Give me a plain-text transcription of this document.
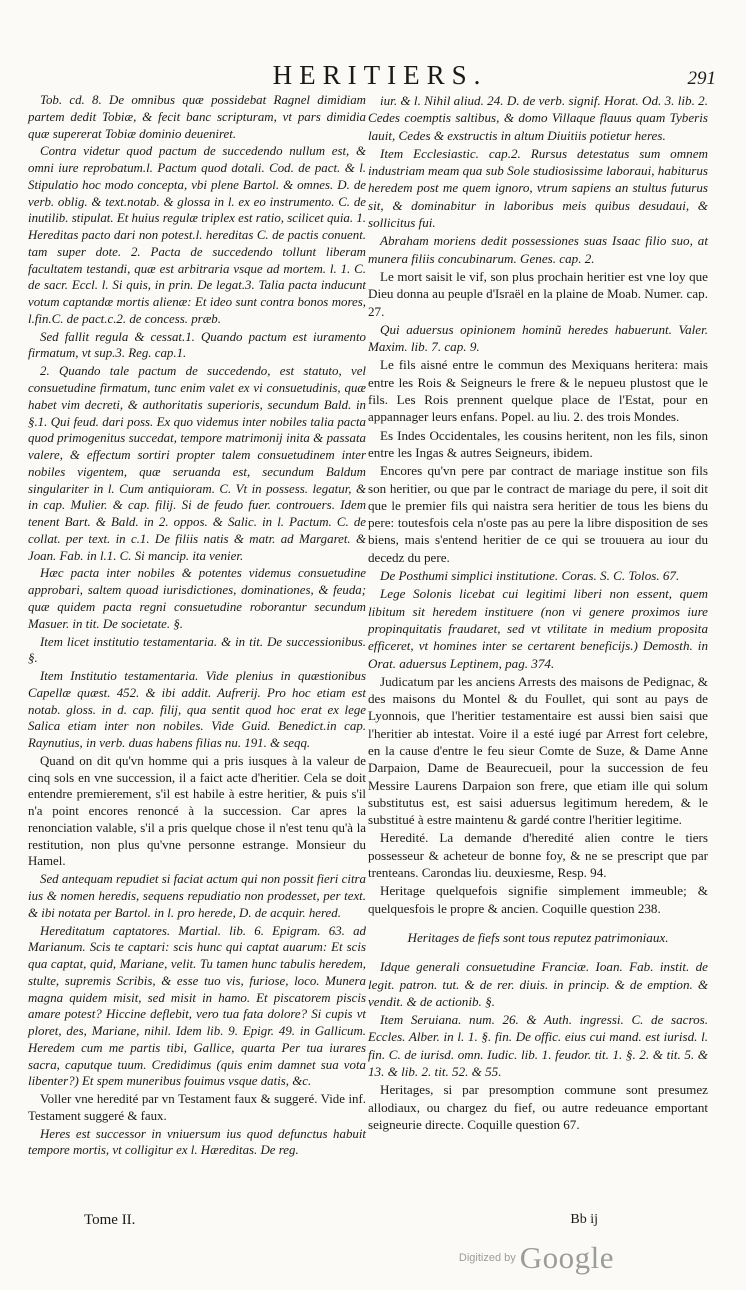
HERITIERS.	291

Tob. cd. 8. De omnibus quæ possidebat Ragnel dimidiam partem dedit Tobiæ, & fecit banc scripturam, vt pars dimidia quæ supererat Tobiæ dominio deueniret.

Contra videtur quod pactum de succedendo nullum est, & omni iure reprobatum.l. Pactum quod dotali. Cod. de pact. & l. Stipulatio hoc modo concepta, vbi plene Bartol. & omnes. D. de verb. oblig. & text.notab. & glossa in l. ex eo instrumento. C. de inutilib. stipulat. Et huius regulæ triplex est ratio, scilicet quia. 1. Hereditas pacto dari non potest.l. hereditas C. de pactis conuent. tam super dote. 2. Pacta de succedendo tollunt liberam facultatem testandi, quæ est arbitraria vsque ad mortem. l. 1. C. de sacr. Eccl. l. Si quis, in prin. De legat.3. Talia pacta inducunt votum captandæ mortis alienæ: Et ideo sunt contra bonos mores, l.fin.C. de pact.c.2. de concess. præb.

Sed fallit regula & cessat.1. Quando pactum est iuramento firmatum, vt sup.3. Reg. cap.1.

2. Quando tale pactum de succedendo, est statuto, vel consuetudine firmatum, tunc enim valet ex vi consuetudinis, quæ habet vim decreti, & authoritatis superioris, secundum Bald. in §.1. Qui feud. dari poss. Ex quo videmus inter nobiles talia pacta quod primogenitus succedat, tempore matrimonij inita & passata valere, & effectum sortiri propter talem consuetudinem inter nobiles vigentem, quæ seruanda est, secundum Baldum singulariter in l. Cum antiquioram. C. Vt in possess. legatur, & in cap. Mulier. & cap. filij. Si de feudo fuer. controuers. Idem tenent Bart. & Bald. in 2. oppos. & Salic. in l. Pactum. C. de collat. per text. in c.1. De filiis natis & matr. ad Margaret. & Joan. Fab. in l.1. C. Si mancip. ita venier.

Hæc pacta inter nobiles & potentes videmus consuetudine approbari, saltem quoad iurisdictiones, dominationes, & feuda; quæ quidem pacta regni consuetudine roborantur secundum Masuer. in tit. De societate. §.

Item licet institutio testamentaria. & in tit. De successionibus. §.

Item Institutio testamentaria. Vide plenius in quæstionibus Capellæ quæst. 452. & ibi addit. Aufrerij. Pro hoc etiam est notab. gloss. in d. cap. filij, qua sentit quod hoc erat ex lege Salica etiam inter non nobiles. Vide Guid. Benedict.in cap. Raynutius, in verb. duas habens filias nu. 191. & seqq.

Quand on dit qu'vn homme qui a pris iusques à la valeur de cinq sols en vne succession, il a faict acte d'heritier. Cela se doit entendre premierement, s'il est habile à estre heritier, & puis s'il n'a point encores renoncé à la succession. Car apres la renonciation valable, s'il a pris quelque chose il n'est tenu qu'à la restitution, non plus qu'vne personne estrange. Monsieur du Hamel.

Sed antequam repudiet si faciat actum qui non possit fieri citra ius & nomen heredis, sequens repudiatio non prodesset, per text. & ibi notata per Bartol. in l. pro herede, D. de acquir. hered.

Hereditatum captatores. Martial. lib. 6. Epigram. 63. ad Marianum. Scis te captari: scis hunc qui captat auarum: Et scis qua captat, quid, Mariane, velit. Tu tamen hunc tabulis heredem, stulte, supremis Scribis, & esse tuo vis, furiose, loco. Munera magna quidem misit, sed misit in hamo. Et piscatorem piscis amare potest? Hiccine deflebit, vero tua fata dolore? Si cupis vt ploret, des, Mariane, nihil. Idem lib. 9. Epigr. 49. in Gallicum. Heredem cum me partis tibi, Gallice, quarta Per tua iurares sacra, caputque tuum. Credidimus (quis enim damnet sua vota libenter?) Et spem muneribus fouimus vsque datis, &c.

Voller vne heredité par vn Testament faux & suggeré. Vide inf. Testament suggeré & faux.

Heres est successor in vniuersum ius quod defunctus habuit tempore mortis, vt colligitur ex l. Hæreditas. De reg.

iur. & l. Nihil aliud. 24. D. de verb. signif. Horat. Od. 3. lib. 2. Cedes coemptis saltibus, & domo Villaque flauus quam Tyberis lauit, Cedes & exstructis in altum Diuitiis potietur heres.

Item Ecclesiastic. cap.2. Rursus detestatus sum omnem industriam meam qua sub Sole studiosissime laboraui, habiturus heredem post me quem ignoro, vtrum sapiens an stultus futurus sit, & dominabitur in laboribus meis quibus desudaui, & sollicitus fui.

Abraham moriens dedit possessiones suas Isaac filio suo, at munera filiis concubinarum. Genes. cap. 2.

Le mort saisit le vif, son plus prochain heritier est vne loy que Dieu donna au peuple d'Israël en la plaine de Moab. Numer. cap. 27.

Qui aduersus opinionem hominũ heredes habuerunt. Valer. Maxim. lib. 7. cap. 9.

Le fils aisné entre le commun des Mexiquans heritera: mais entre les Rois & Seigneurs le frere & le nepueu plustost que le fils. Les Rois prennent quelque place de l'Estat, pour en appannager leurs enfans. Popel. au liu. 2. des trois Mondes.

Es Indes Occidentales, les cousins heritent, non les fils, sinon entre les Ingas & autres Seigneurs, ibidem.

Encores qu'vn pere par contract de mariage institue son fils son heritier, ou que par le contract de mariage du pere, il soit dit que le premier fils qui naistra sera heritier de tous les biens du pere: toutesfois cela n'oste pas au pere la libre disposition de ses biens, mais s'entend heritier de ce qui se trouuera au iour du decedz du pere.

De Posthumi simplici institutione. Coras. S. C. Tolos. 67.

Lege Solonis licebat cui legitimi liberi non essent, quem libitum sit heredem instituere (non vi genere proximos iure propinquitatis fraudaret, sed vt vtilitate in medium proposita efficeret, vt homines inter se certarent beneficijs.) Demosth. in Orat. aduersus Leptinem, pag. 374.

Judicatum par les anciens Arrests des maisons de Pedignac, & des maisons du Montel & du Foullet, qui sont au pays de Lyonnois, que l'heritier testamentaire est aussi bien saisi que l'heritier ab intestat. Voire il a esté iugé par Arrest fort celebre, en la cause d'entre le feu sieur Comte de Suze, & Dame Anne Darpaion, Dame de Beaurecueil, pour la succession de feu Messire Laurens Darpaion son frere, que etiam ille qui solum substitutus est, est saisi aduersus legitimum heredem, & le substitué à estre maintenu & gardé contre l'heritier legitime.

Heredité. La demande d'heredité alien contre le tiers possesseur & acheteur de bonne foy, & ne se prescript que par trenteans. Carondas liu. deuxiesme, Resp. 94.

Heritage quelquefois signifie simplement immeuble; & quelquesfois le propre & ancien. Coquille question 238.

Heritages de fiefs sont tous reputez patrimoniaux.

Idque generali consuetudine Franciæ. Ioan. Fab. instit. de legit. patron. tut. & de rer. diuis. in princip. & de emption. & vendit. & de actionib. §.

Item Seruiana. num. 26. & Auth. ingressi. C. de sacros. Eccles. Alber. in l. 1. §. fin. De offic. eius cui mand. est iurisd. l. fin. C. de iurisd. omn. Iudic. lib. 1. feudor. tit. 1. §. 2. & tit. 5. & 13. & lib. 2. tit. 52. & 55.

Heritages, si par presomption commune sont presumez allodiaux, ou chargez du fief, ou autre redeuance emportant seigneurie directe. Coquille question 67.

Tome II.	Bb ij
Digitized by Google
